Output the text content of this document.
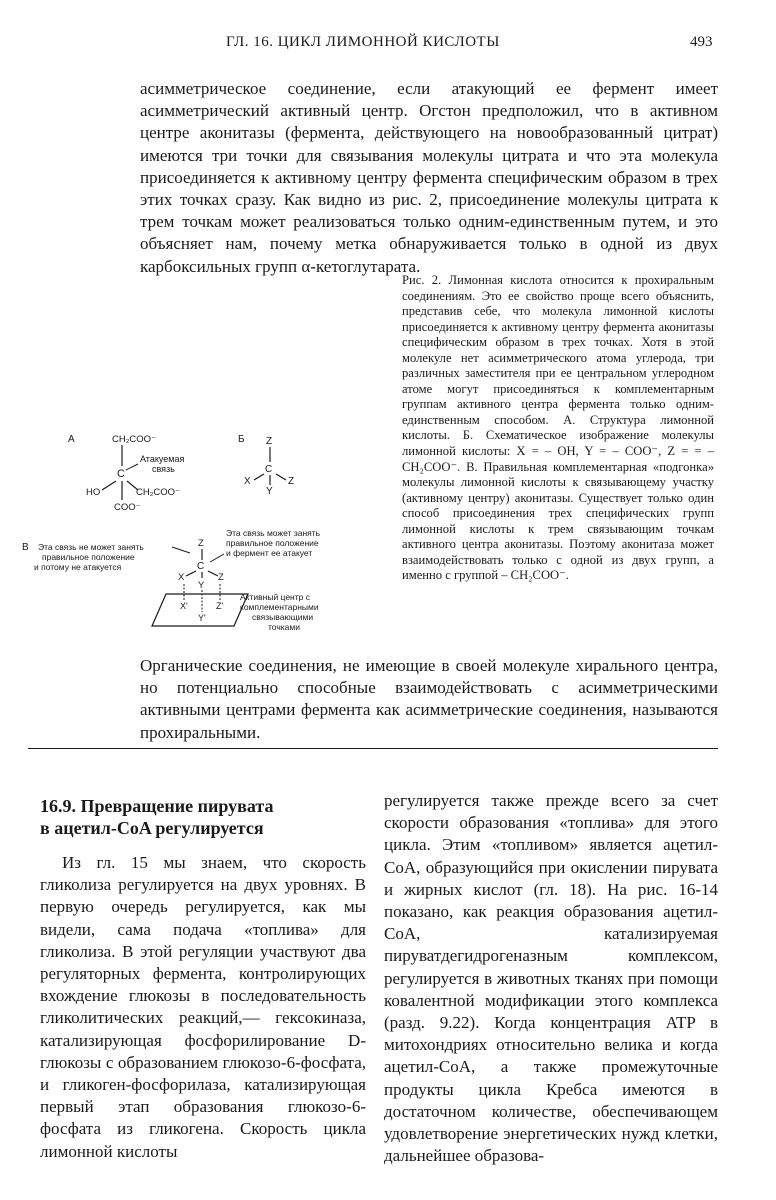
ГЛ. 16. ЦИКЛ ЛИМОННОЙ КИСЛОТЫ	493

асимметрическое соединение, если атакующий ее фермент имеет асимметрический активный центр. Огстон предположил, что в активном центре аконитазы (фермента, действующего на новообразованный цитрат) имеются три точки для связывания молекулы цитрата и что эта молекула присоединяется к активному центру фермента специфическим образом в трех этих точках сразу. Как видно из рис. 2, присоединение молекулы цитрата к трем точкам может реализоваться только одним-единственным путем, и это объясняет нам, почему метка обнаруживается только в одной из двух карбоксильных групп α-кетоглутарата.

Рис. 2. Лимонная кислота относится к прохиральным соединениям. Это ее свойство проще всего объяснить, представив себе, что молекула лимонной кислоты присоединяется к активному центру фермента аконитазы специфическим образом в трех точках. Хотя в этой молекуле нет асимметрического атома углерода, три различных заместителя при ее центральном углеродном атоме могут присоединяться к комплементарным группам активного центра фермента только одним-единственным способом. А. Структура лимонной кислоты. Б. Схематическое изображение молекулы лимонной кислоты: X = – OH, Y = – COO⁻, Z = = – CH₂COO⁻. В. Правильная комплементарная «подгонка» молекулы лимонной кислоты к связывающему участку (активному центру) аконитазы. Существует только один способ присоединения трех специфических групп лимонной кислоты к трем связывающим точкам активного центра аконитазы. Поэтому аконитаза может взаимодействовать только с одной из двух групп, а именно с группой – CH₂COO⁻.

А	CH₂COO⁻
Атакуемая
связь
C
HO	CH₂COO⁻
COO⁻
Б Z
C
X	Z
Y
В Эта связь не может занять
правильное положение
и потому не атакуется
Эта связь может занять
правильное положение
и фермент ее атакует
Z
C
X	Z
Y
X'	Z'
Y'
Активный центр с
комплементарными
связывающими
точками

Органические соединения, не имеющие в своей молекуле хирального центра, но потенциально способные взаимодействовать с асимметрическими активными центрами фермента как асимметрические соединения, называются прохиральными.

16.9. Превращение пирувата
в ацетил-CoA регулируется

Из гл. 15 мы знаем, что скорость гликолиза регулируется на двух уровнях. В первую очередь регулируется, как мы видели, сама подача «топлива» для гликолиза. В этой регуляции участвуют два регуляторных фермента, контролирующих вхождение глюкозы в последовательность гликолитических реакций,— гексокиназа, катализирующая фосфорилирование D-глюкозы с образованием глюкозо-6-фосфата, и гликоген-фосфорилаза, катализирующая первый этап образования глюкозо-6-фосфата из гликогена. Скорость цикла лимонной кислоты

регулируется также прежде всего за счет скорости образования «топлива» для этого цикла. Этим «топливом» является ацетил-CoA, образующийся при окислении пирувата и жирных кислот (гл. 18). На рис. 16-14 показано, как реакция образования ацетил-CoA, катализируемая пируватдегидрогеназным комплексом, регулируется в животных тканях при помощи ковалентной модификации этого комплекса (разд. 9.22). Когда концентрация ATP в митохондриях относительно велика и когда ацетил-CoA, а также промежуточные продукты цикла Кребса имеются в достаточном количестве, обеспечивающем удовлетворение энергетических нужд клетки, дальнейшее образова-
